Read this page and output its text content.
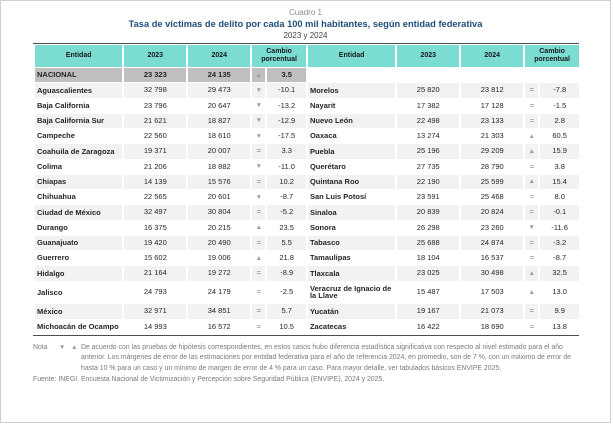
Cuadro 1
Tasa de víctimas de delito por cada 100 mil habitantes, según entidad federativa
2023 y 2024
Entidad	2023	2024	Cambio porcentual		Entidad	2023	2024	Cambio porcentual	
NACIONAL	23 323	24 135	▲	3.5					
Aguascalientes	32 798	29 473	▼	-10.1	Morelos	25 820	23 812	=	-7.8
Baja California	23 796	20 647	▼	-13.2	Nayarit	17 382	17 128	=	-1.5
Baja California Sur	21 621	18 827	▼	-12.9	Nuevo León	22 498	23 133	=	2.8
Campeche	22 560	18 610	▼	-17.5	Oaxaca	13 274	21 303	▲	60.5
Coahuila de Zaragoza	19 371	20 007	=	3.3	Puebla	25 196	29 209	▲	15.9
Colima	21 206	18 882	▼	-11.0	Querétaro	27 735	28 790	=	3.8
Chiapas	14 139	15 576	=	10.2	Quintana Roo	22 190	25 599	▲	15.4
Chihuahua	22 565	20 601	▼	-8.7	San Luis Potosí	23 591	25 468	=	8.0
Ciudad de México	32 497	30 804	=	-5.2	Sinaloa	20 839	20 824	=	-0.1
Durango	16 375	20 215	▲	23.5	Sonora	26 298	23 260	▼	-11.6
Guanajuato	19 420	20 490	=	5.5	Tabasco	25 688	24 874	=	-3.2
Guerrero	15 602	19 006	▲	21.8	Tamaulipas	18 104	16 537	=	-8.7
Hidalgo	21 164	19 272	=	-8.9	Tlaxcala	23 025	30 498	▲	32.5
Jalisco	24 793	24 179	=	-2.5	Veracruz de Ignacio de la Llave	15 487	17 503	▲	13.0
México	32 971	34 851	=	5.7	Yucatán	19 167	21 073	=	9.9
Michoacán de Ocampo	14 993	16 572	=	10.5	Zacatecas	16 422	18 690	=	13.8
Nota	▼ ▲ De acuerdo con las pruebas de hipótesis correspondientes, en estos casos hubo diferencia estadística significativa con respecto al nivel estimado para el año anterior. Los márgenes de error de las estimaciones por entidad federativa para el año de referencia 2024, en promedio, son de 7 %, con un máximo de error de hasta 10 % para un caso y un mínimo de margen de error de 4 % para un caso. Para mayor detalle, ver tabulados básicos ENVIPE 2025.
Fuente: INEGI. Encuesta Nacional de Victimización y Percepción sobre Seguridad Pública (ENVIPE), 2024 y 2025.
